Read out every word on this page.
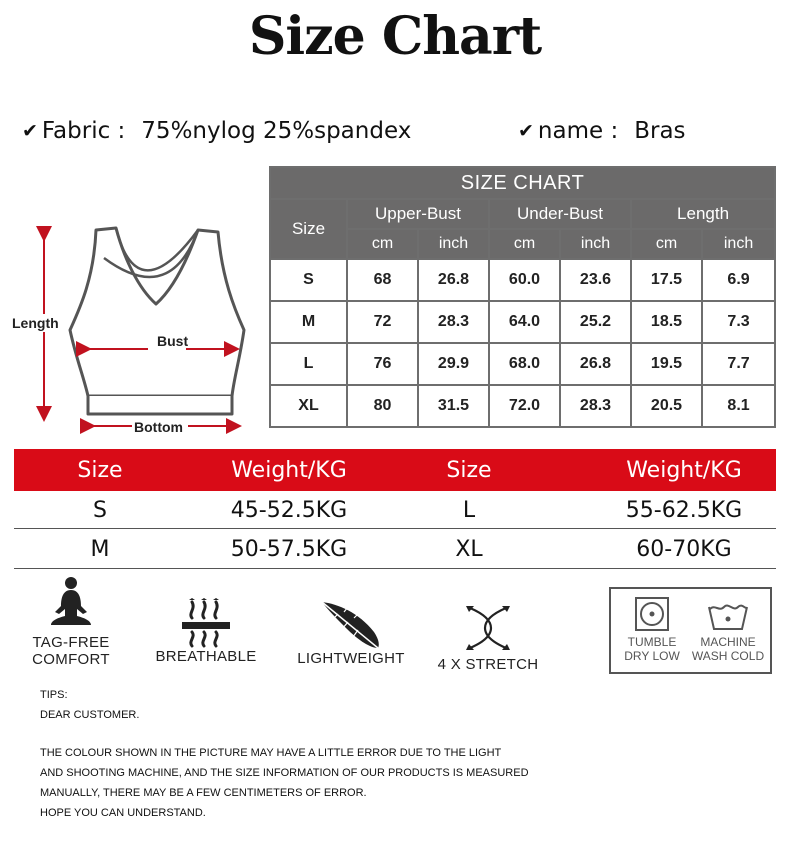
Size Chart
✔ Fabric : 75%nylog 25%spandex	✔ name : Bras
Bust
Bottom
Length
SIZE CHART						
Size	Upper-Bust		Under-Bust		Length	
	cm	inch	cm	inch	cm	inch
S	68	26.8	60.0	23.6	17.5	6.9
M	72	28.3	64.0	25.2	18.5	7.3
L	76	29.9	68.0	26.8	19.5	7.7
XL	80	31.5	72.0	28.3	20.5	8.1
Size	Weight/KG	Size	Weight/KG
S	45-52.5KG	L	55-62.5KG
M	50-57.5KG	XL	60-70KG
TAG-FREE
COMFORT	BREATHABLE	LIGHTWEIGHT	4 X STRETCH
TUMBLE
DRY LOW
MACHINE
WASH COLD
TIPS:
DEAR CUSTOMER.
THE COLOUR SHOWN IN THE PICTURE MAY HAVE A LITTLE ERROR DUE TO THE LIGHT
AND SHOOTING MACHINE, AND THE SIZE INFORMATION OF OUR PRODUCTS IS MEASURED
MANUALLY, THERE MAY BE A FEW CENTIMETERS OF ERROR.
HOPE YOU CAN UNDERSTAND.
